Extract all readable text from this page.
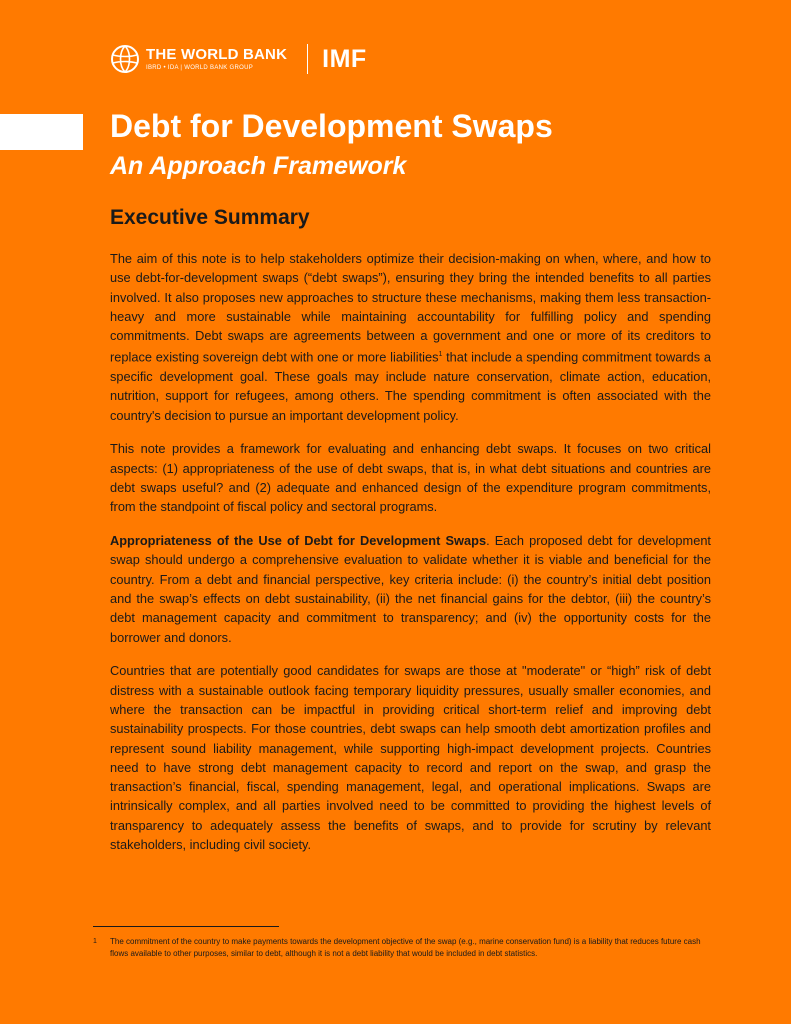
THE WORLD BANK
IBRD • IDA | WORLD BANK GROUP	IMF
Debt for Development Swaps
An Approach Framework
Executive Summary

The aim of this note is to help stakeholders optimize their decision-making on when, where, and how to use debt-for-development swaps (“debt swaps”), ensuring they bring the intended benefits to all parties involved. It also proposes new approaches to structure these mechanisms, making them less transaction-heavy and more sustainable while maintaining accountability for fulfilling policy and spending commitments. Debt swaps are agreements between a government and one or more of its creditors to replace existing sovereign debt with one or more liabilities$^1$ that include a spending commitment towards a specific development goal. These goals may include nature conservation, climate action, education, nutrition, support for refugees, among others. The spending commitment is often associated with the country's decision to pursue an important development policy.

This note provides a framework for evaluating and enhancing debt swaps. It focuses on two critical aspects: (1) appropriateness of the use of debt swaps, that is, in what debt situations and countries are debt swaps useful? and (2) adequate and enhanced design of the expenditure program commitments, from the standpoint of fiscal policy and sectoral programs.

Appropriateness of the Use of Debt for Development Swaps. Each proposed debt for development swap should undergo a comprehensive evaluation to validate whether it is viable and beneficial for the country. From a debt and financial perspective, key criteria include: (i) the country’s initial debt position and the swap’s effects on debt sustainability, (ii) the net financial gains for the debtor, (iii) the country’s debt management capacity and commitment to transparency; and (iv) the opportunity costs for the borrower and donors.

Countries that are potentially good candidates for swaps are those at "moderate" or “high” risk of debt distress with a sustainable outlook facing temporary liquidity pressures, usually smaller economies, and where the transaction can be impactful in providing critical short-term relief and improving debt sustainability prospects. For those countries, debt swaps can help smooth debt amortization profiles and represent sound liability management, while supporting high-impact development projects. Countries need to have strong debt management capacity to record and report on the swap, and grasp the transaction’s financial, fiscal, spending management, legal, and operational implications. Swaps are intrinsically complex, and all parties involved need to be committed to providing the highest levels of transparency to adequately assess the benefits of swaps, and to provide for scrutiny by relevant stakeholders, including civil society.

1	The commitment of the country to make payments towards the development objective of the swap (e.g., marine conservation fund) is a liability that reduces future cash flows available to other purposes, similar to debt, although it is not a debt liability that would be included in debt statistics.
